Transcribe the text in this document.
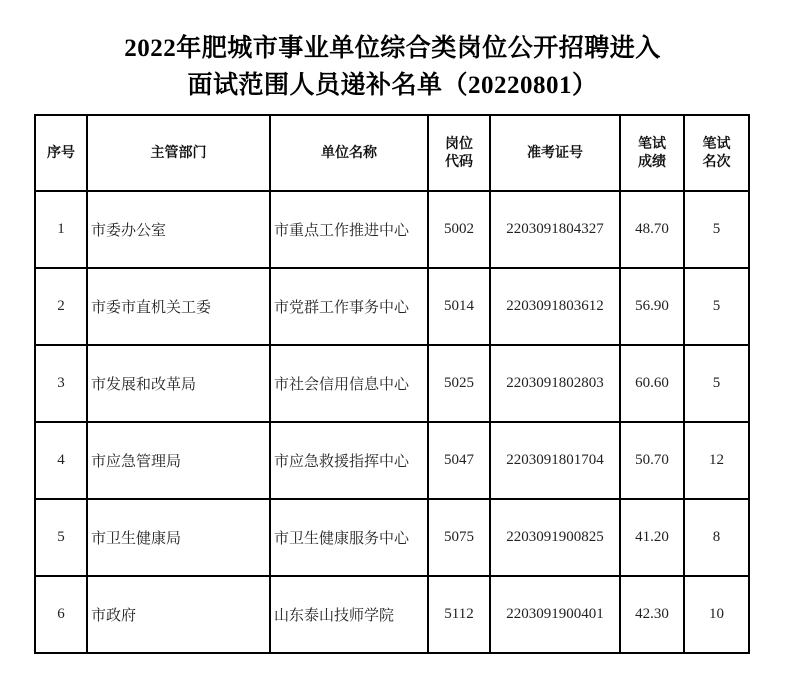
2022年肥城市事业单位综合类岗位公开招聘进入
面试范围人员递补名单（20220801）
序号	主管部门	单位名称	岗位代码	准考证号	笔试成绩	笔试名次
1	市委办公室	市重点工作推进中心	5002	2203091804327	48.70	5
2	市委市直机关工委	市党群工作事务中心	5014	2203091803612	56.90	5
3	市发展和改革局	市社会信用信息中心	5025	2203091802803	60.60	5
4	市应急管理局	市应急救援指挥中心	5047	2203091801704	50.70	12
5	市卫生健康局	市卫生健康服务中心	5075	2203091900825	41.20	8
6	市政府	山东泰山技师学院	5112	2203091900401	42.30	10
